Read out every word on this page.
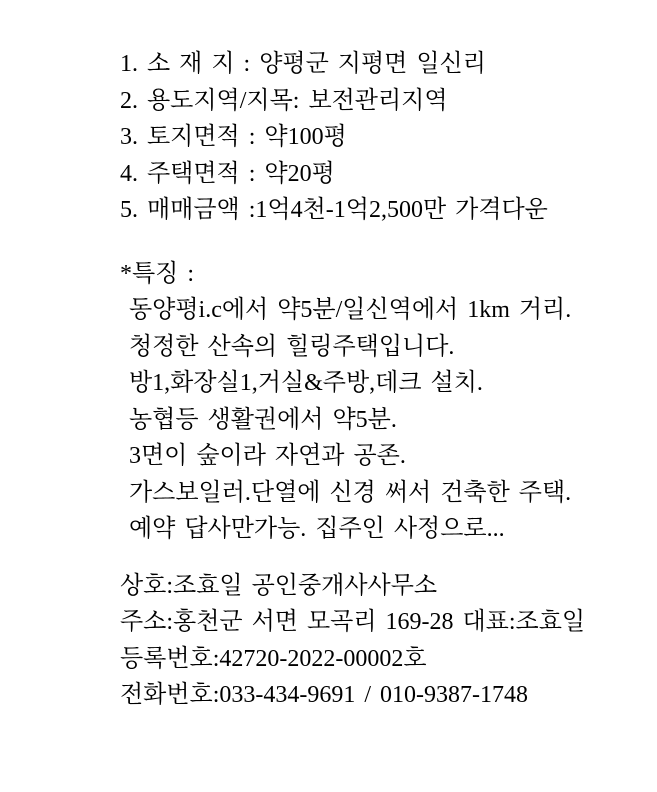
1. 소 재 지 : 양평군 지평면 일신리

2. 용도지역/지목: 보전관리지역

3. 토지면적 : 약100평

4. 주택면적 : 약20평

5. 매매금액 :1억4천-1억2,500만 가격다운

*특징 :

동양평i.c에서 약5분/일신역에서 1km 거리.

청정한 산속의 힐링주택입니다.

방1,화장실1,거실&주방,데크 설치.

농협등 생활권에서 약5분.

3면이 숲이라 자연과 공존.

가스보일러.단열에 신경 써서 건축한 주택.

예약 답사만가능. 집주인 사정으로...

상호:조효일 공인중개사사무소

주소:홍천군 서면 모곡리 169-28 대표:조효일

등록번호:42720-2022-00002호

전화번호:033-434-9691 / 010-9387-1748
